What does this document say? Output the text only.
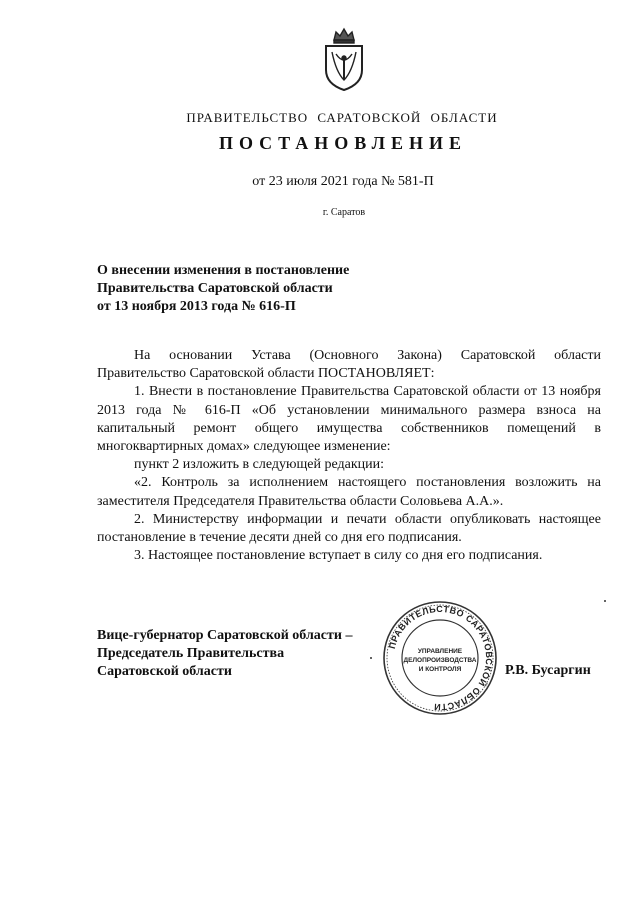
ПРАВИТЕЛЬСТВО САРАТОВСКОЙ ОБЛАСТИ
ПОСТАНОВЛЕНИЕ
от 23 июля 2021 года № 581-П
г. Саратов
О внесении изменения в постановление
Правительства Саратовской области
от 13 ноября 2013 года № 616-П

На основании Устава (Основного Закона) Саратовской области Правительство Саратовской области ПОСТАНОВЛЯЕТ:

1. Внести в постановление Правительства Саратовской области от 13 ноября 2013 года № 616-П «Об установлении минимального размера взноса на капитальный ремонт общего имущества собственников помещений в многоквартирных домах» следующее изменение:

пункт 2 изложить в следующей редакции:

«2. Контроль за исполнением настоящего постановления возложить на заместителя Председателя Правительства области Соловьева А.А.».

2. Министерству информации и печати области опубликовать настоящее постановление в течение десяти дней со дня его подписания.

3. Настоящее постановление вступает в силу со дня его подписания.

Вице-губернатор Саратовской области –
Председатель Правительства
Саратовской области	Р.В. Бусаргин
ПРАВИТЕЛЬСТВО САРАТОВСКОЙ ОБЛАСТИ
УПРАВЛЕНИЕ
ДЕЛОПРОИЗВОДСТВА
И КОНТРОЛЯ
